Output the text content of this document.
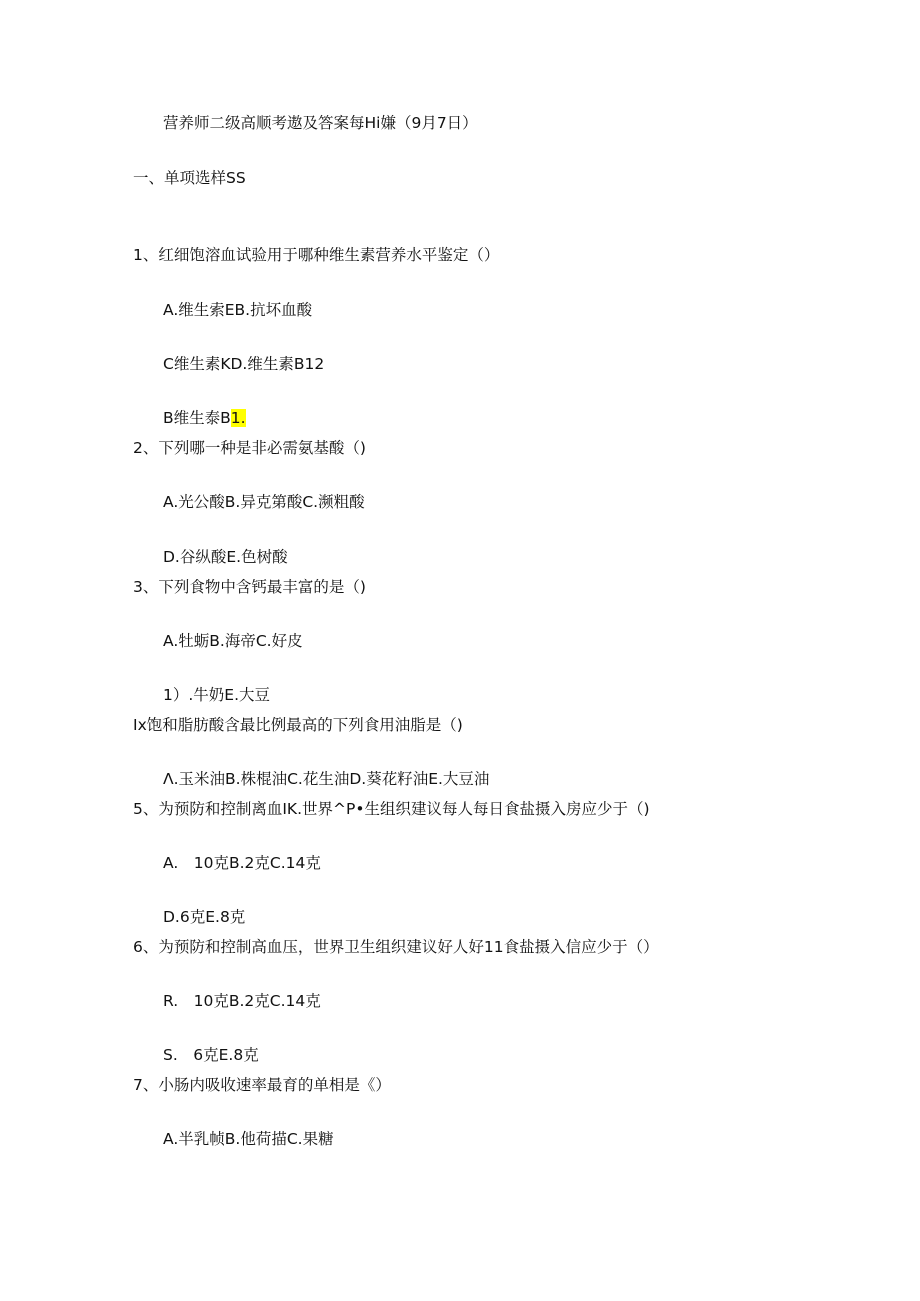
营养师二级高顺考遨及答案每Hi嫌（9月7日）
一、单项选样SS
1、红细饱溶血试验用于哪种维生素营养水平鉴定（）
A.维生索EB.抗坏血酸
C维生素KD.维生素B12
B维生泰B1.
2、下列哪一种是非必需氨基酸（)
A.光公酸B.异克第酸C.濒粗酸
D.谷纵酸E.色树酸
3、下列食物中含钙最丰富的是（)
A.牡蛎B.海帝C.好皮
1）.牛奶E.大豆
Ix饱和脂肪酸含最比例最高的下列食用油脂是（)
Λ.玉米油B.株棍油C.花生油D.葵花籽油E.大豆油
5、为预防和控制离血IK.世界^P•生组织建议每人每日食盐摄入房应少于（)
A.　10克B.2克C.14克
D.6克E.8克
6、为预防和控制高血压，世界卫生组织建议好人好11食盐摄入信应少于（）
R.　10克B.2克C.14克
S.　6克E.8克
7、小肠内吸收速率最育的单相是《）
A.半乳帧B.他荷描C.果糖
